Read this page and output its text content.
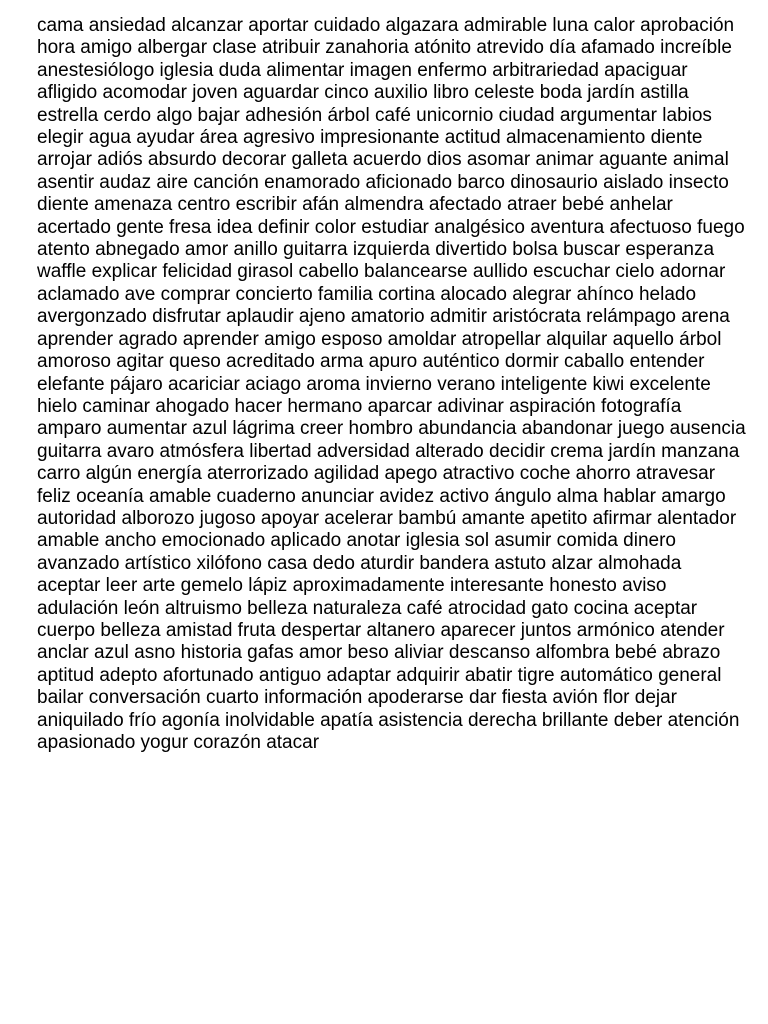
cama ansiedad alcanzar aportar cuidado algazara admirable luna calor aprobación
hora amigo albergar clase atribuir zanahoria atónito atrevido día afamado increíble
anestesiólogo iglesia duda alimentar imagen enfermo arbitrariedad apaciguar
afligido acomodar joven aguardar cinco auxilio libro celeste boda jardín astilla
estrella cerdo algo bajar adhesión árbol café unicornio ciudad argumentar labios
elegir agua ayudar área agresivo impresionante actitud almacenamiento diente
arrojar adiós absurdo decorar galleta acuerdo dios asomar animar aguante animal
asentir audaz aire canción enamorado aficionado barco dinosaurio aislado insecto
diente amenaza centro escribir afán almendra afectado atraer bebé anhelar
acertado gente fresa idea definir color estudiar analgésico aventura afectuoso fuego
atento abnegado amor anillo guitarra izquierda divertido bolsa buscar esperanza
waffle explicar felicidad girasol cabello balancearse aullido escuchar cielo adornar
aclamado ave comprar concierto familia cortina alocado alegrar ahínco helado
avergonzado disfrutar aplaudir ajeno amatorio admitir aristócrata relámpago arena
aprender agrado aprender amigo esposo amoldar atropellar alquilar aquello árbol
amoroso agitar queso acreditado arma apuro auténtico dormir caballo entender
elefante pájaro acariciar aciago aroma invierno verano inteligente kiwi excelente
hielo caminar ahogado hacer hermano aparcar adivinar aspiración fotografía
amparo aumentar azul lágrima creer hombro abundancia abandonar juego ausencia
guitarra avaro atmósfera libertad adversidad alterado decidir crema jardín manzana
carro algún energía aterrorizado agilidad apego atractivo coche ahorro atravesar
feliz oceanía amable cuaderno anunciar avidez activo ángulo alma hablar amargo
autoridad alborozo jugoso apoyar acelerar bambú amante apetito afirmar alentador
amable ancho emocionado aplicado anotar iglesia sol asumir comida dinero
avanzado artístico xilófono casa dedo aturdir bandera astuto alzar almohada
aceptar leer arte gemelo lápiz aproximadamente interesante honesto aviso
adulación león altruismo belleza naturaleza café atrocidad gato cocina aceptar
cuerpo belleza amistad fruta despertar altanero aparecer juntos armónico atender
anclar azul asno historia gafas amor beso aliviar descanso alfombra bebé abrazo
aptitud adepto afortunado antiguo adaptar adquirir abatir tigre automático general
bailar conversación cuarto información apoderarse dar fiesta avión flor dejar
aniquilado frío agonía inolvidable apatía asistencia derecha brillante deber atención
apasionado yogur corazón atacar
